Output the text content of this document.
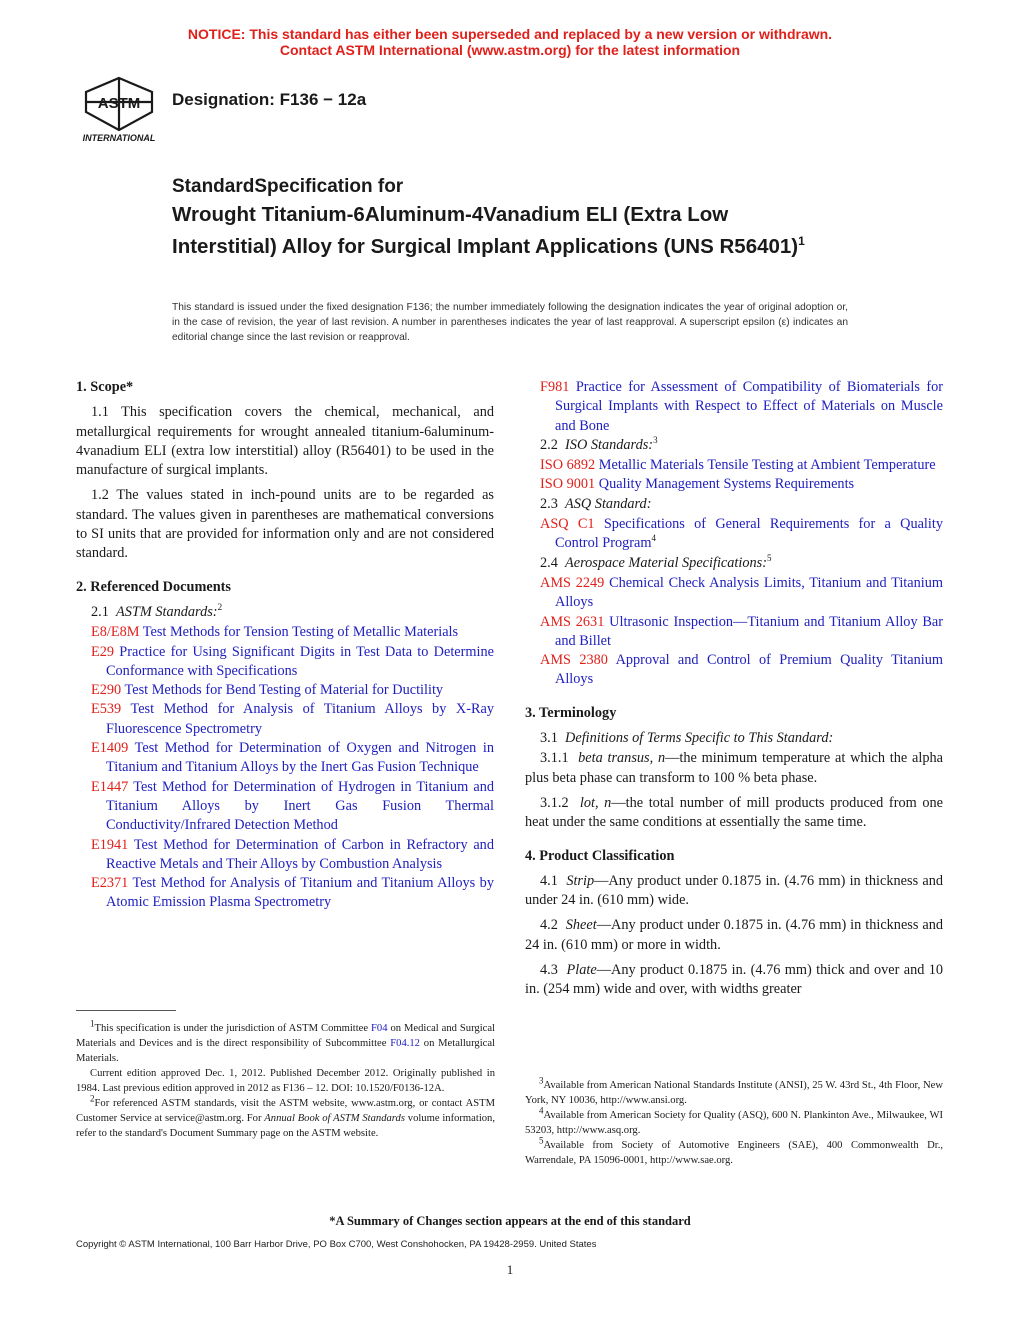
NOTICE: This standard has either been superseded and replaced by a new version or withdrawn.
Contact ASTM International (www.astm.org) for the latest information
ASTM
INTERNATIONAL
Designation: F136 − 12a
StandardSpecification for
Wrought Titanium-6Aluminum-4Vanadium ELI (Extra Low Interstitial) Alloy for Surgical Implant Applications (UNS R56401)$^1$
This standard is issued under the fixed designation F136; the number immediately following the designation indicates the year of original adoption or, in the case of revision, the year of last revision. A number in parentheses indicates the year of last reapproval. A superscript epsilon (ε) indicates an editorial change since the last revision or reapproval.
1. Scope*

1.1 This specification covers the chemical, mechanical, and metallurgical requirements for wrought annealed titanium-6aluminum-4vanadium ELI (extra low interstitial) alloy (R56401) to be used in the manufacture of surgical implants.

1.2 The values stated in inch-pound units are to be regarded as standard. The values given in parentheses are mathematical conversions to SI units that are provided for information only and are not considered standard.

2. Referenced Documents

2.1 ASTM Standards:$^2$

E8/E8M Test Methods for Tension Testing of Metallic Materials

E29 Practice for Using Significant Digits in Test Data to Determine Conformance with Specifications

E290 Test Methods for Bend Testing of Material for Ductility

E539 Test Method for Analysis of Titanium Alloys by X-Ray Fluorescence Spectrometry

E1409 Test Method for Determination of Oxygen and Nitrogen in Titanium and Titanium Alloys by the Inert Gas Fusion Technique

E1447 Test Method for Determination of Hydrogen in Titanium and Titanium Alloys by Inert Gas Fusion Thermal Conductivity/Infrared Detection Method

E1941 Test Method for Determination of Carbon in Refractory and Reactive Metals and Their Alloys by Combustion Analysis

E2371 Test Method for Analysis of Titanium and Titanium Alloys by Atomic Emission Plasma Spectrometry

F981 Practice for Assessment of Compatibility of Biomaterials for Surgical Implants with Respect to Effect of Materials on Muscle and Bone

2.2 ISO Standards:$^3$

ISO 6892 Metallic Materials Tensile Testing at Ambient Temperature

ISO 9001 Quality Management Systems Requirements

2.3 ASQ Standard:

ASQ C1 Specifications of General Requirements for a Quality Control Program$^4$

2.4 Aerospace Material Specifications:$^5$

AMS 2249 Chemical Check Analysis Limits, Titanium and Titanium Alloys

AMS 2631 Ultrasonic Inspection—Titanium and Titanium Alloy Bar and Billet

AMS 2380 Approval and Control of Premium Quality Titanium Alloys

3. Terminology

3.1 Definitions of Terms Specific to This Standard:

3.1.1 beta transus, n—the minimum temperature at which the alpha plus beta phase can transform to 100 % beta phase.

3.1.2 lot, n—the total number of mill products produced from one heat under the same conditions at essentially the same time.

4. Product Classification

4.1 Strip—Any product under 0.1875 in. (4.76 mm) in thickness and under 24 in. (610 mm) wide.

4.2 Sheet—Any product under 0.1875 in. (4.76 mm) in thickness and 24 in. (610 mm) or more in width.

4.3 Plate—Any product 0.1875 in. (4.76 mm) thick and over and 10 in. (254 mm) wide and over, with widths greater

$^1$This specification is under the jurisdiction of ASTM Committee F04 on Medical and Surgical Materials and Devices and is the direct responsibility of Subcommittee F04.12 on Metallurgical Materials.

Current edition approved Dec. 1, 2012. Published December 2012. Originally published in 1984. Last previous edition approved in 2012 as F136 – 12. DOI: 10.1520/F0136-12A.

$^2$For referenced ASTM standards, visit the ASTM website, www.astm.org, or contact ASTM Customer Service at service@astm.org. For Annual Book of ASTM Standards volume information, refer to the standard's Document Summary page on the ASTM website.

$^3$Available from American National Standards Institute (ANSI), 25 W. 43rd St., 4th Floor, New York, NY 10036, http://www.ansi.org.

$^4$Available from American Society for Quality (ASQ), 600 N. Plankinton Ave., Milwaukee, WI 53203, http://www.asq.org.

$^5$Available from Society of Automotive Engineers (SAE), 400 Commonwealth Dr., Warrendale, PA 15096-0001, http://www.sae.org.

*A Summary of Changes section appears at the end of this standard
Copyright © ASTM International, 100 Barr Harbor Drive, PO Box C700, West Conshohocken, PA 19428-2959. United States
1
